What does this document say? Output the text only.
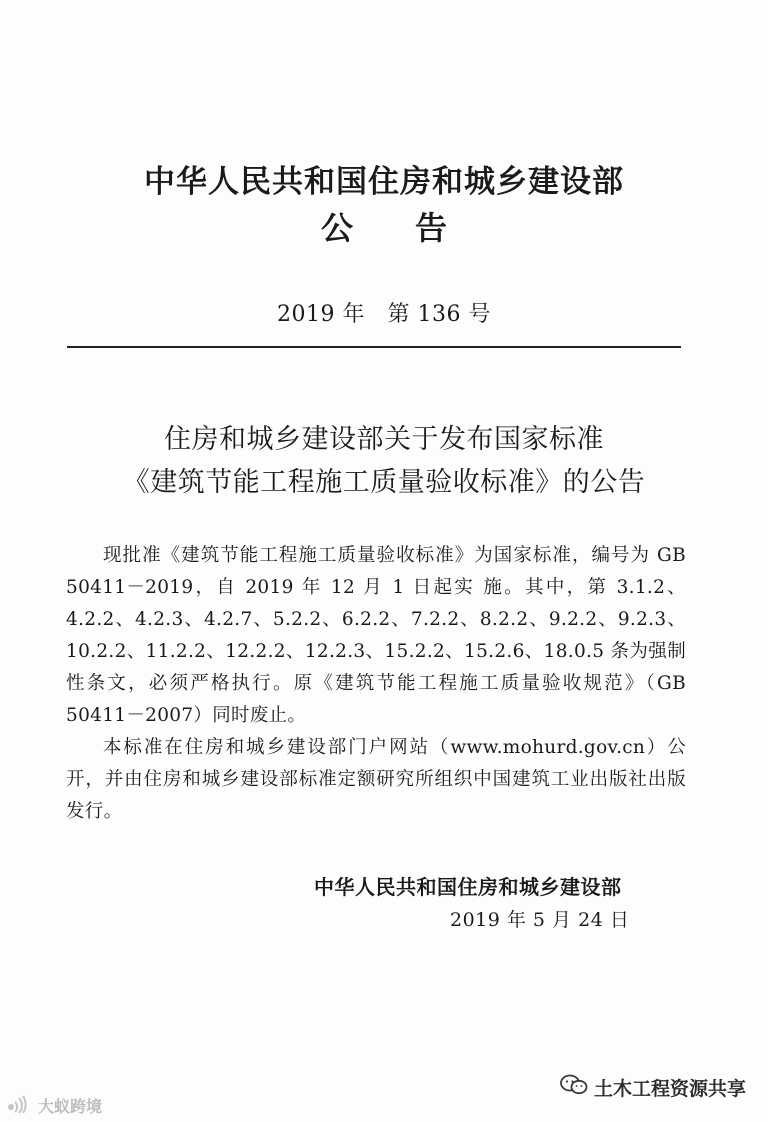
中华人民共和国住房和城乡建设部
公告
2019 年　第 136 号
住房和城乡建设部关于发布国家标准
《建筑节能工程施工质量验收标准》的公告

现批准《建筑节能工程施工质量验收标准》为国家标准，编号为 GB 50411－2019，自 2019 年 12 月 1 日起实 施。其中，第 3.1.2、4.2.2、4.2.3、4.2.7、5.2.2、6.2.2、7.2.2、8.2.2、9.2.2、9.2.3、10.2.2、11.2.2、12.2.2、12.2.3、15.2.2、15.2.6、18.0.5 条为强制性条文，必须严格执行。原《建筑节能工程施工质量验收规范》（GB 50411－2007）同时废止。

本标准在住房和城乡建设部门户网站（www.mohurd.gov.cn）公开，并由住房和城乡建设部标准定额研究所组织中国建筑工业出版社出版发行。

中华人民共和国住房和城乡建设部
2019 年 5 月 24 日
大蚁跨境
土木工程资源共享
